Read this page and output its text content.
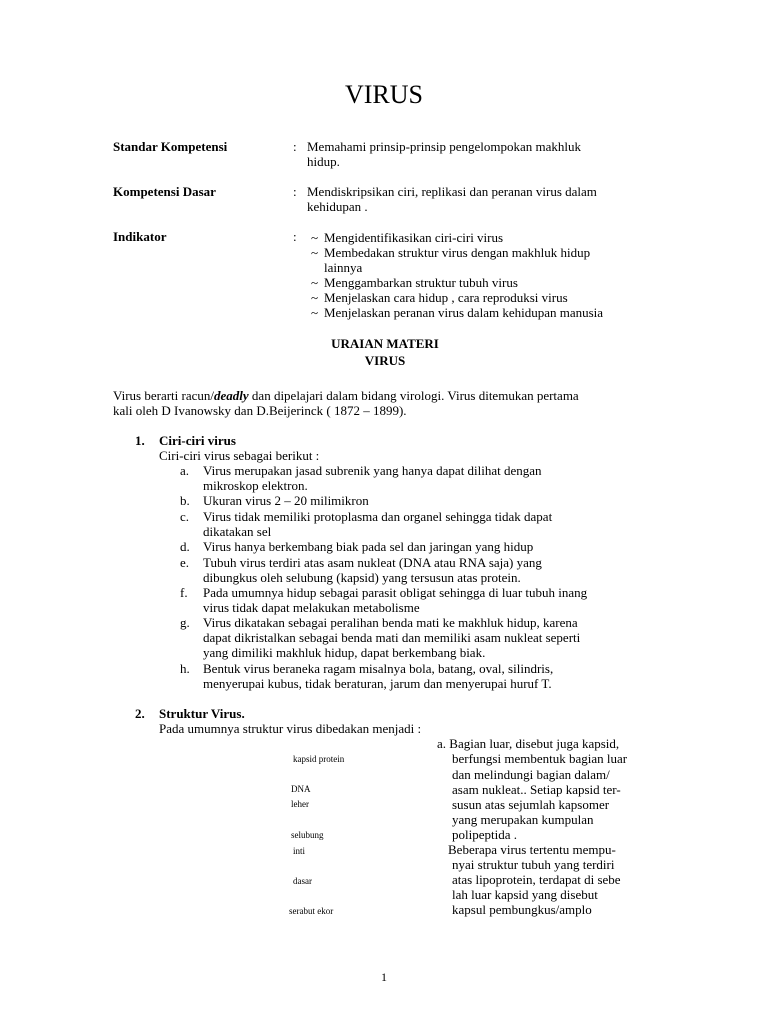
VIRUS
Standar Kompetensi	: Memahami prinsip-prinsip pengelompokan makhluk
hidup.
Kompetensi Dasar	: Mendiskripsikan ciri, replikasi dan peranan virus dalam
kehidupan .
Indikator	: ~ Mengidentifikasikan ciri-ciri virus
~ Membedakan struktur virus dengan makhluk hidup
lainnya
~ Menggambarkan struktur tubuh virus
~ Menjelaskan cara hidup , cara reproduksi virus
~ Menjelaskan peranan virus dalam kehidupan manusia
URAIAN MATERI
VIRUS
Virus berarti racun/deadly dan dipelajari dalam bidang virologi. Virus ditemukan pertama
kali oleh D Ivanowsky dan D.Beijerinck ( 1872 – 1899).
1. Ciri-ciri virus
Ciri-ciri virus sebagai berikut :
a. Virus merupakan jasad subrenik yang hanya dapat dilihat dengan
mikroskop elektron.
b. Ukuran virus 2 – 20 milimikron
c. Virus tidak memiliki protoplasma dan organel sehingga tidak dapat
dikatakan sel
d. Virus hanya berkembang biak pada sel dan jaringan yang hidup
e. Tubuh virus terdiri atas asam nukleat (DNA atau RNA saja) yang
dibungkus oleh selubung (kapsid) yang tersusun atas protein.
f. Pada umumnya hidup sebagai parasit obligat sehingga di luar tubuh inang
virus tidak dapat melakukan metabolisme
g. Virus dikatakan sebagai peralihan benda mati ke makhluk hidup, karena
dapat dikristalkan sebagai benda mati dan memiliki asam nukleat seperti
yang dimiliki makhluk hidup, dapat berkembang biak.
h. Bentuk virus beraneka ragam misalnya bola, batang, oval, silindris,
menyerupai kubus, tidak beraturan, jarum dan menyerupai huruf T.
2. Struktur Virus.
Pada umumnya struktur virus dibedakan menjadi :
a. Bagian luar, disebut juga kapsid,
berfungsi membentuk bagian luar
dan melindungi bagian dalam/
asam nukleat.. Setiap kapsid ter-
susun atas sejumlah kapsomer
yang merupakan kumpulan
polipeptida .
Beberapa virus tertentu mempu-
nyai struktur tubuh yang terdiri
atas lipoprotein, terdapat di sebe
lah luar kapsid yang disebut
kapsul pembungkus/amplo
kapsid protein
DNA
leher
selubung
inti
dasar
serabut ekor
1
